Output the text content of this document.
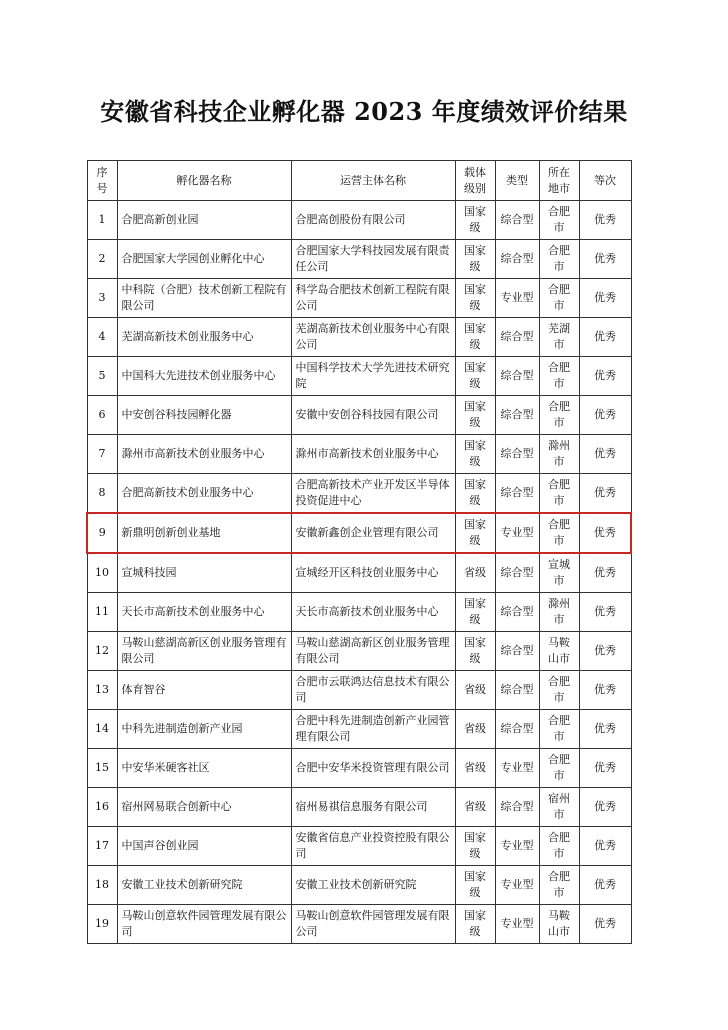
安徽省科技企业孵化器 2023 年度绩效评价结果
序号	孵化器名称	运营主体名称	载体级别	类型	所在地市	等次
1	合肥高新创业园	合肥高创股份有限公司	国家级	综合型	合肥市	优秀
2	合肥国家大学园创业孵化中心	合肥国家大学科技园发展有限责任公司	国家级	综合型	合肥市	优秀
3	中科院（合肥）技术创新工程院有限公司	科学岛合肥技术创新工程院有限公司	国家级	专业型	合肥市	优秀
4	芜湖高新技术创业服务中心	芜湖高新技术创业服务中心有限公司	国家级	综合型	芜湖市	优秀
5	中国科大先进技术创业服务中心	中国科学技术大学先进技术研究院	国家级	综合型	合肥市	优秀
6	中安创谷科技园孵化器	安徽中安创谷科技园有限公司	国家级	综合型	合肥市	优秀
7	滁州市高新技术创业服务中心	滁州市高新技术创业服务中心	国家级	综合型	滁州市	优秀
8	合肥高新技术创业服务中心	合肥高新技术产业开发区半导体投资促进中心	国家级	综合型	合肥市	优秀
9	新鼎明创新创业基地	安徽新鑫创企业管理有限公司	国家级	专业型	合肥市	优秀
10	宣城科技园	宣城经开区科技创业服务中心	省级	综合型	宣城市	优秀
11	天长市高新技术创业服务中心	天长市高新技术创业服务中心	国家级	综合型	滁州市	优秀
12	马鞍山慈湖高新区创业服务管理有限公司	马鞍山慈湖高新区创业服务管理有限公司	国家级	综合型	马鞍山市	优秀
13	体育智谷	合肥市云联鸿达信息技术有限公司	省级	综合型	合肥市	优秀
14	中科先进制造创新产业园	合肥中科先进制造创新产业园管理有限公司	省级	综合型	合肥市	优秀
15	中安华米硬客社区	合肥中安华米投资管理有限公司	省级	专业型	合肥市	优秀
16	宿州网易联合创新中心	宿州易祺信息服务有限公司	省级	综合型	宿州市	优秀
17	中国声谷创业园	安徽省信息产业投资控股有限公司	国家级	专业型	合肥市	优秀
18	安徽工业技术创新研究院	安徽工业技术创新研究院	国家级	专业型	合肥市	优秀
19	马鞍山创意软件园管理发展有限公司	马鞍山创意软件园管理发展有限公司	国家级	专业型	马鞍山市	优秀
